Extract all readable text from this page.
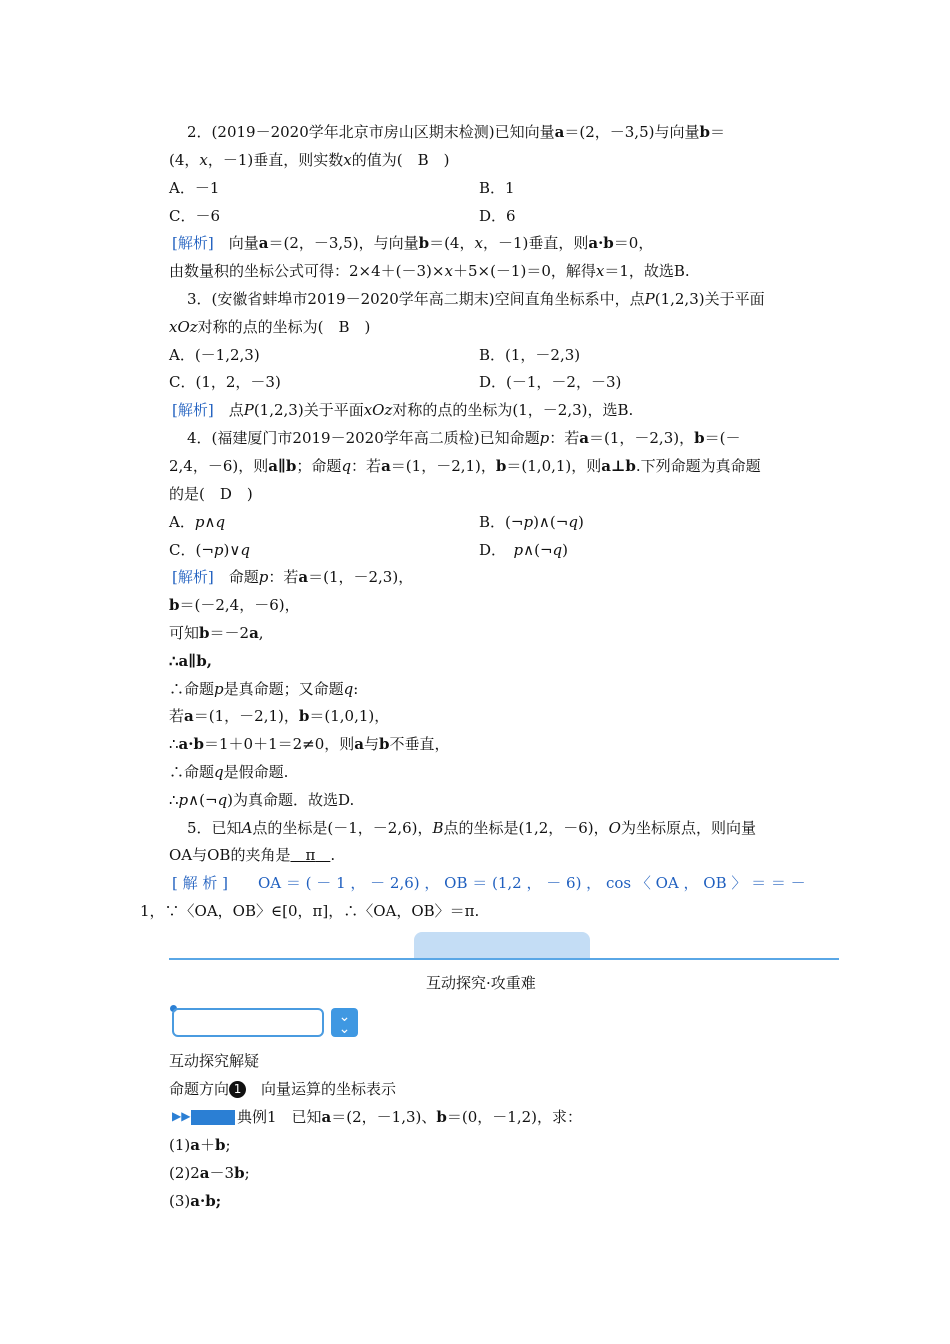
　2．(2019－2020学年北京市房山区期末检测)已知向量a＝(2，－3,5)与向量b＝
(4，x，－1)垂直，则实数x的值为(　B　)
A．－1	B．1
C．－6	D．6
[解析]　向量a＝(2，－3,5)，与向量b＝(4，x，－1)垂直，则a·b＝0，
由数量积的坐标公式可得：2×4＋(－3)×x＋5×(－1)＝0，解得x＝1，故选B.
　3．(安徽省蚌埠市2019－2020学年高二期末)空间直角坐标系中，点P(1,2,3)关于平面
xOz对称的点的坐标为(　B　)
A．(－1,2,3)	B．(1，－2,3)
C．(1，2，－3)	D．(－1，－2，－3)
[解析]　点P(1,2,3)关于平面xOz对称的点的坐标为(1，－2,3)，选B.
　4．(福建厦门市2019－2020学年高二质检)已知命题p：若a＝(1，－2,3)，b＝(－
2,4，－6)，则a∥b；命题q：若a＝(1，－2,1)，b＝(1,0,1)，则a⊥b.下列命题为真命题
的是(　D　)
A．p∧q	B．(¬p)∧(¬q)
C．(¬p)∨q	D．　p∧(¬q)
[解析]　命题p：若a＝(1，－2,3)，
b＝(－2,4，－6)，
可知b＝－2a,
∴a∥b,
∴命题p是真命题；又命题q:
若a＝(1，－2,1)，b＝(1,0,1)，
∴a·b＝1＋0＋1＝2≠0，则a与b不垂直，
∴命题q是假命题.
∴p∧(¬q)为真命题．故选D.
　5．已知A点的坐标是(－1，－2,6)，B点的坐标是(1,2，－6)，O为坐标原点，则向量
OA与OB的夹角是　 π　 .
[ 解 析 ]　　OA ＝ ( － 1 ， － 2,6) ， OB ＝ (1,2 ， － 6) ， cos 〈 OA ， OB 〉 ＝ ＝ －
1，∵〈OA，OB〉∈[0，π]，∴〈OA，OB〉＝π.
互动探究·攻重难
⌄
⌄
互动探究解疑
命题方向 1　向量运算的坐标表示
▶▶	典例1　已知a＝(2，－1,3)、b＝(0，－1,2)，求：
(1)a＋b;
(2)2a－3b;
(3)a·b;
